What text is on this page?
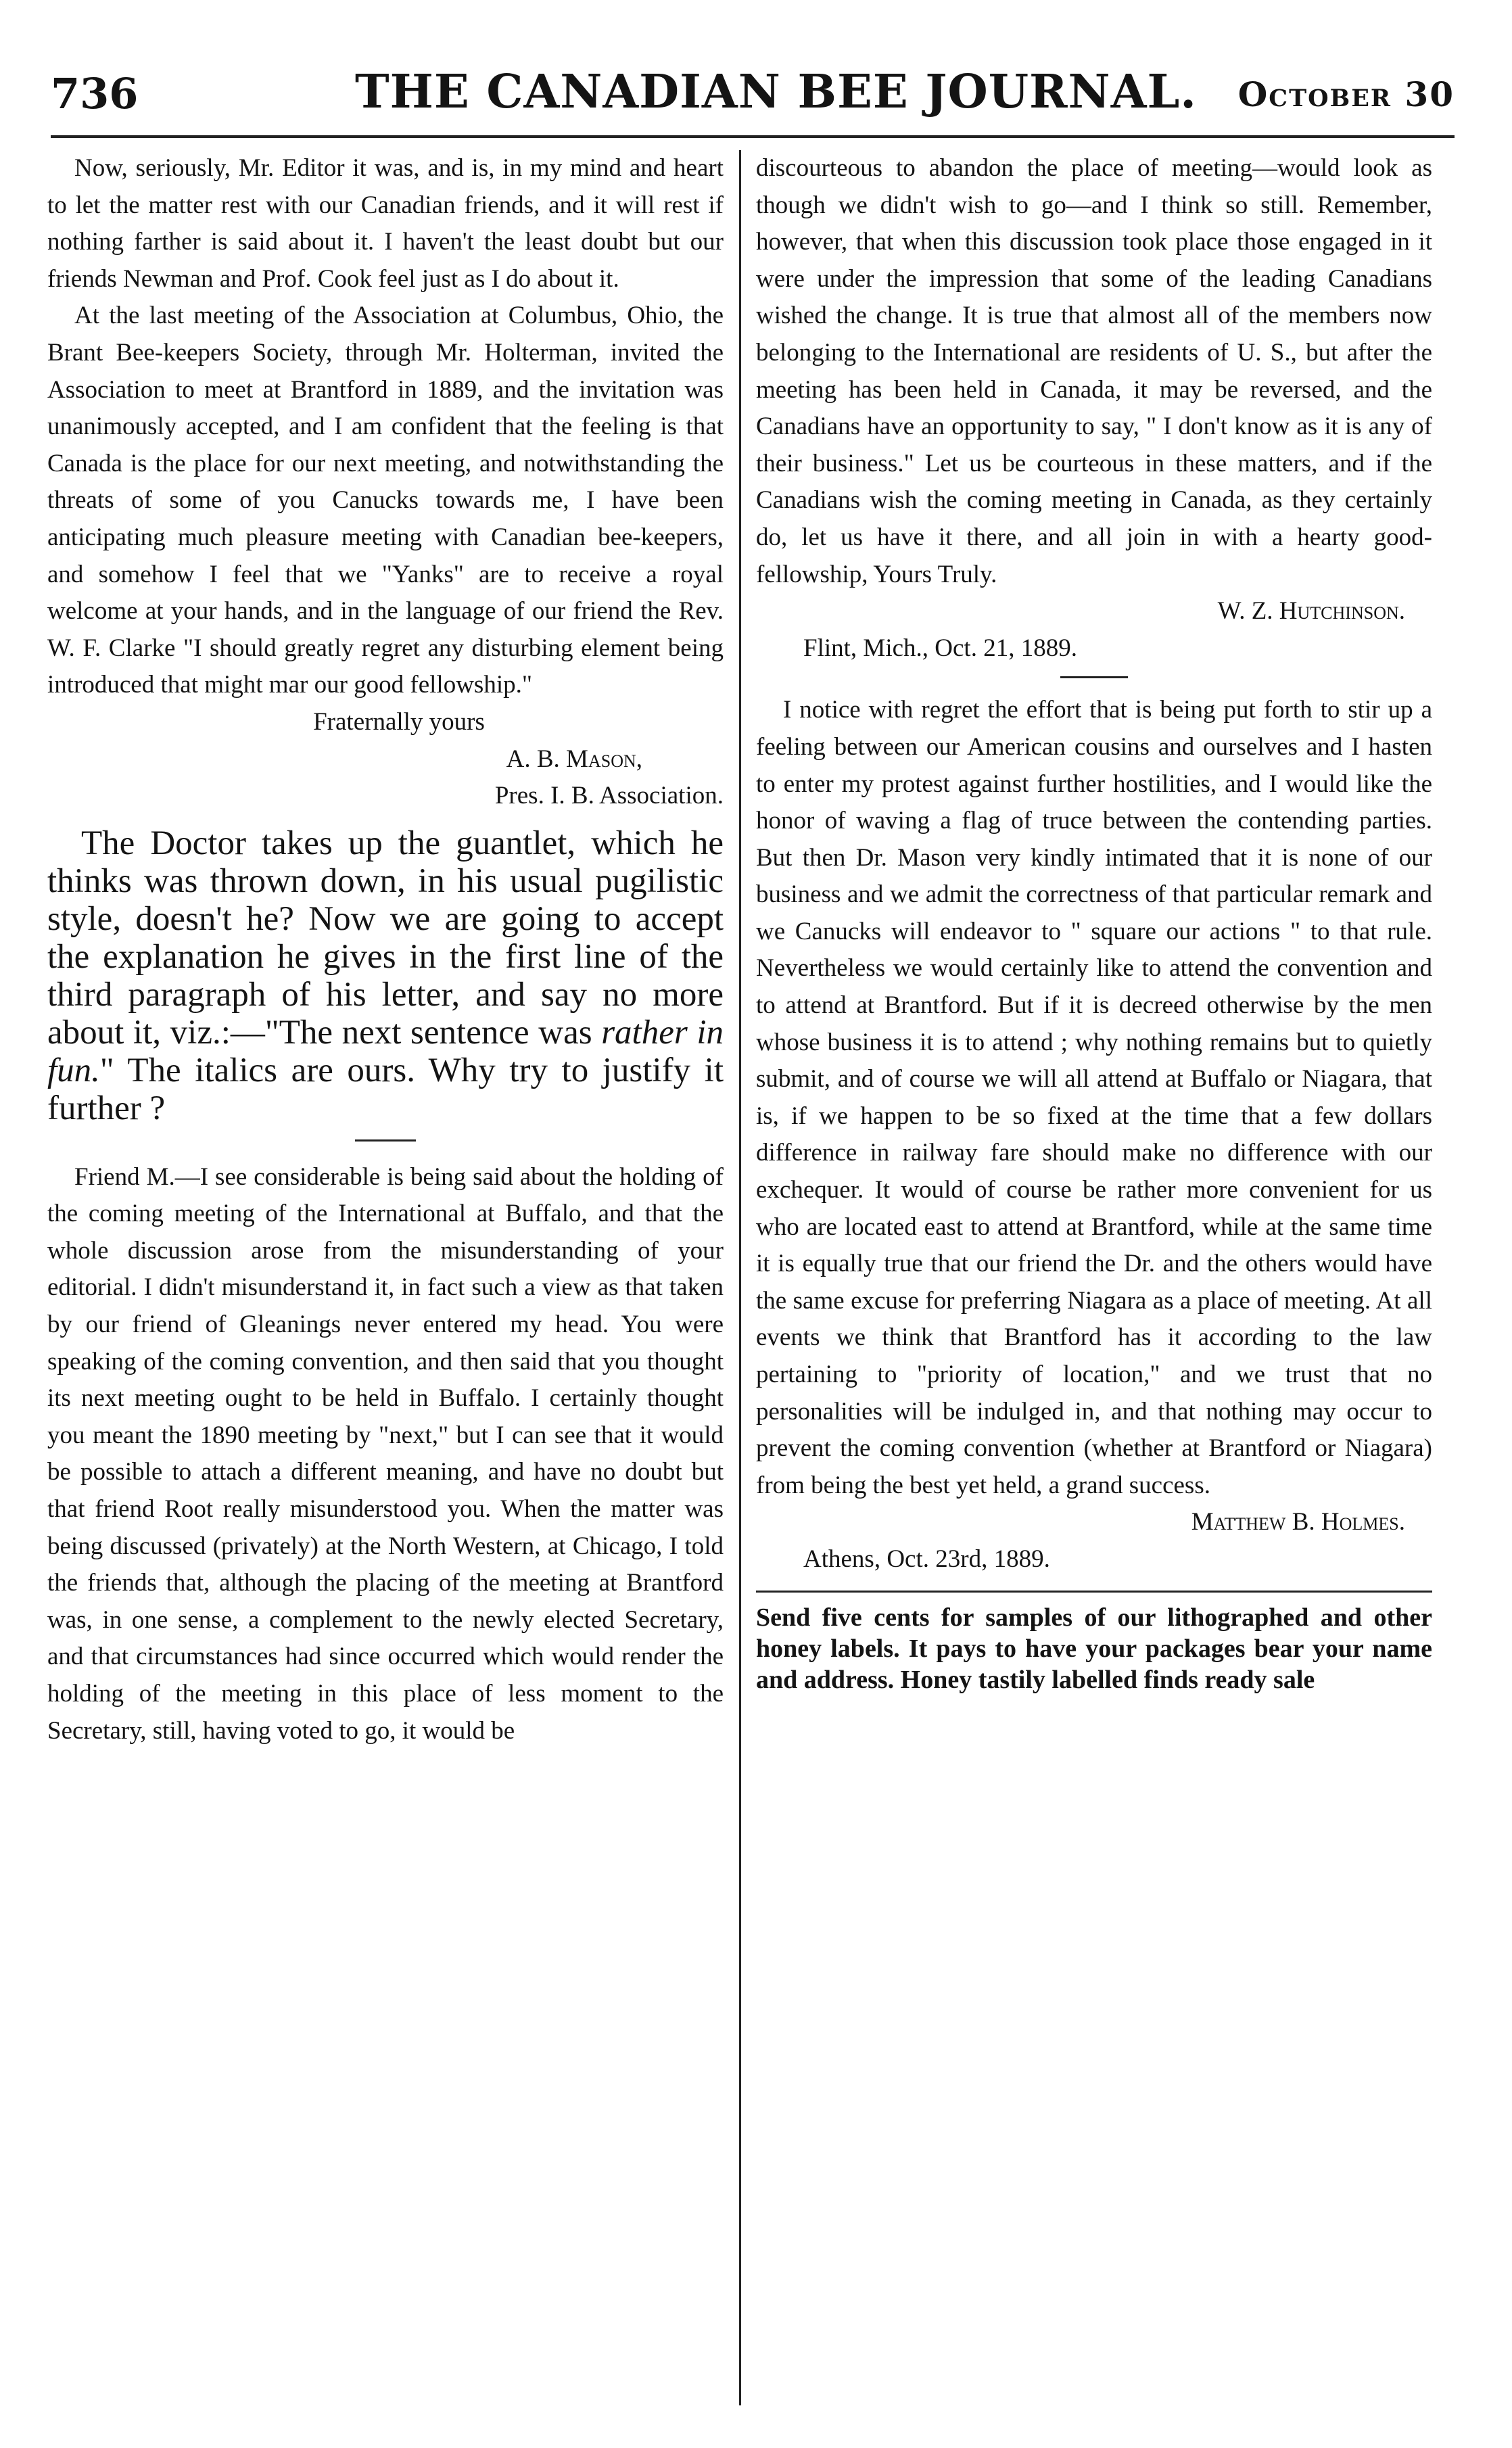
736	THE CANADIAN BEE JOURNAL. October 30

Now, seriously, Mr. Editor it was, and is, in my mind and heart to let the matter rest with our Canadian friends, and it will rest if nothing farther is said about it. I haven't the least doubt but our friends Newman and Prof. Cook feel just as I do about it.

At the last meeting of the Association at Columbus, Ohio, the Brant Bee-keepers Society, through Mr. Holterman, invited the Association to meet at Brantford in 1889, and the invitation was unanimously accepted, and I am confident that the feeling is that Canada is the place for our next meeting, and notwithstanding the threats of some of you Canucks towards me, I have been anticipating much pleasure meeting with Canadian bee-keepers, and somehow I feel that we "Yanks" are to receive a royal welcome at your hands, and in the language of our friend the Rev. W. F. Clarke "I should greatly regret any disturbing element being introduced that might mar our good fellowship."

Fraternally yours

A. B. Mason,

Pres. I. B. Association.

The Doctor takes up the guantlet, which he thinks was thrown down, in his usual pugilistic style, doesn't he? Now we are going to accept the explanation he gives in the first line of the third paragraph of his letter, and say no more about it, viz.:—"The next sentence was rather in fun." The italics are ours. Why try to justify it further ?

Friend M.—I see considerable is being said about the holding of the coming meeting of the International at Buffalo, and that the whole discussion arose from the misunderstanding of your editorial. I didn't misunderstand it, in fact such a view as that taken by our friend of Gleanings never entered my head. You were speaking of the coming convention, and then said that you thought its next meeting ought to be held in Buffalo. I certainly thought you meant the 1890 meeting by "next," but I can see that it would be possible to attach a different meaning, and have no doubt but that friend Root really misunderstood you. When the matter was being discussed (privately) at the North Western, at Chicago, I told the friends that, although the placing of the meeting at Brantford was, in one sense, a complement to the newly elected Secretary, and that circumstances had since occurred which would render the holding of the meeting in this place of less moment to the Secretary, still, having voted to go, it would be

discourteous to abandon the place of meeting—would look as though we didn't wish to go—and I think so still. Remember, however, that when this discussion took place those engaged in it were under the impression that some of the leading Canadians wished the change. It is true that almost all of the members now belonging to the International are residents of U. S., but after the meeting has been held in Canada, it may be reversed, and the Canadians have an opportunity to say, " I don't know as it is any of their business." Let us be courteous in these matters, and if the Canadians wish the coming meeting in Canada, as they certainly do, let us have it there, and all join in with a hearty good-fellowship, Yours Truly.

W. Z. Hutchinson.

Flint, Mich., Oct. 21, 1889.

I notice with regret the effort that is being put forth to stir up a feeling between our American cousins and ourselves and I hasten to enter my protest against further hostilities, and I would like the honor of waving a flag of truce between the contending parties. But then Dr. Mason very kindly intimated that it is none of our business and we admit the correctness of that particular remark and we Canucks will endeavor to " square our actions " to that rule. Nevertheless we would certainly like to attend the convention and to attend at Brantford. But if it is decreed otherwise by the men whose business it is to attend ; why nothing remains but to quietly submit, and of course we will all attend at Buffalo or Niagara, that is, if we happen to be so fixed at the time that a few dollars difference in railway fare should make no difference with our exchequer. It would of course be rather more convenient for us who are located east to attend at Brantford, while at the same time it is equally true that our friend the Dr. and the others would have the same excuse for preferring Niagara as a place of meeting. At all events we think that Brantford has it according to the law pertaining to "priority of location," and we trust that no personalities will be indulged in, and that nothing may occur to prevent the coming convention (whether at Brantford or Niagara) from being the best yet held, a grand success.

Matthew B. Holmes.

Athens, Oct. 23rd, 1889.

Send five cents for samples of our lithographed and other honey labels. It pays to have your packages bear your name and address. Honey tastily labelled finds ready sale
